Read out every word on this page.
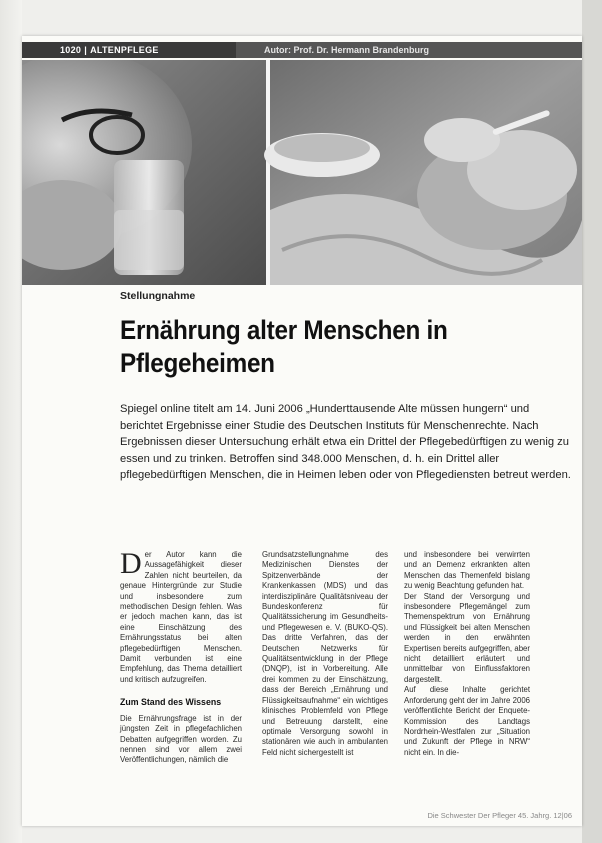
1020 | ALTENPFLEGE	Autor: Prof. Dr. Hermann Brandenburg
Stellungnahme
Ernährung alter Menschen in Pflegeheimen

Spiegel online titelt am 14. Juni 2006 „Hunderttausende Alte müssen hungern“ und berichtet Ergebnisse einer Studie des Deutschen Instituts für Menschenrechte. Nach Ergebnissen dieser Untersuchung erhält etwa ein Drittel der Pflegebedürftigen zu wenig zu essen und zu trinken. Betroffen sind 348.000 Menschen, d. h. ein Drittel aller pflegebedürftigen Menschen, die in Heimen leben oder von Pflegediensten betreut werden.

Der Autor kann die Aussagefähigkeit dieser Zahlen nicht beurteilen, da genaue Hintergründe zur Studie und insbesondere zum methodischen Design fehlen. Was er jedoch machen kann, das ist eine Einschätzung des Ernährungsstatus bei alten pflegebedürftigen Menschen. Damit verbunden ist eine Empfehlung, das Thema detailliert und kritisch aufzugreifen.

Zum Stand des Wissens

Die Ernährungsfrage ist in der jüngsten Zeit in pflegefachlichen Debatten aufgegriffen worden. Zu nennen sind vor allem zwei Veröffentlichungen, nämlich die

Grundsatzstellungnahme des Medizinischen Dienstes der Spitzenverbände der Krankenkassen (MDS) und das interdisziplinäre Qualitätsniveau der Bundeskonferenz für Qualitätssicherung im Gesundheits- und Pflegewesen e. V. (BUKO-QS). Das dritte Verfahren, das der Deutschen Netzwerks für Qualitätsentwicklung in der Pflege (DNQP), ist in Vorbereitung. Alle drei kommen zu der Einschätzung, dass der Bereich „Ernährung und Flüssigkeitsaufnahme“ ein wichtiges klinisches Problemfeld von Pflege und Betreuung darstellt, eine optimale Versorgung sowohl in stationären wie auch in ambulanten Feld nicht sichergestellt ist

und insbesondere bei verwirrten und an Demenz erkrankten alten Menschen das Themenfeld bislang zu wenig Beachtung gefunden hat.

Der Stand der Versorgung und insbesondere Pflegemängel zum Themenspektrum von Ernährung und Flüssigkeit bei alten Menschen werden in den erwähnten Expertisen bereits aufgegriffen, aber nicht detailliert erläutert und unmittelbar von Einflussfaktoren dargestellt.

Auf diese Inhalte gerichtet Anforderung geht der im Jahre 2006 veröffentlichte Bericht der Enquete-Kommission des Landtags Nordrhein-Westfalen zur „Situation und Zukunft der Pflege in NRW“ nicht ein. In die-

Die Schwester Der Pfleger 45. Jahrg. 12|06
